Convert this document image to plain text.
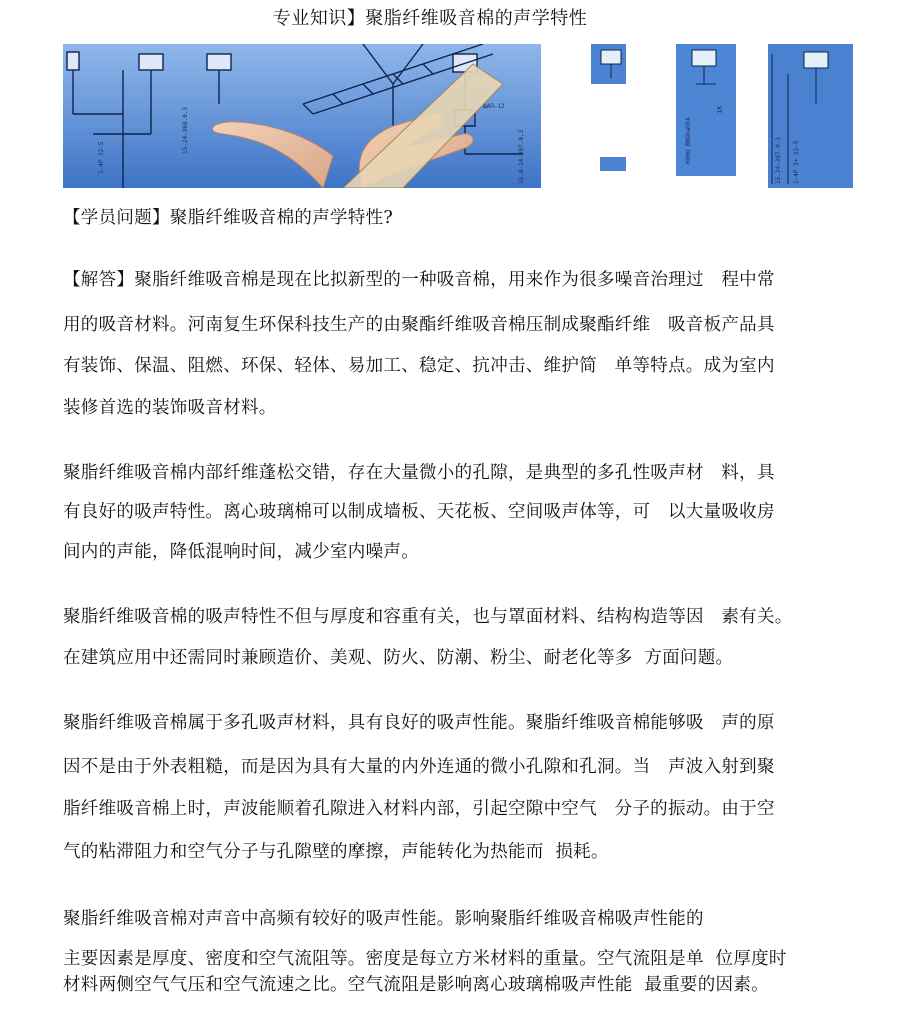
专业知识】聚脂纤维吸音棉的声学特性
ЩАП-12
15-24-368.0.3
1-4P 32-5	15.8-24-307.0.3	HOHQ BNOhahhk
1К
15.24-397.0.3 1-4P 3+ 32-5
【学员问题】聚脂纤维吸音棉的声学特性?
【解答】聚脂纤维吸音棉是现在比拟新型的一种吸音棉，用来作为很多噪音治理过   程中常
用的吸音材料。河南复生环保科技生产的由聚酯纤维吸音棉压制成聚酯纤维   吸音板产品具
有装饰、保温、阻燃、环保、轻体、易加工、稳定、抗冲击、维护简   单等特点。成为室内
装修首选的装饰吸音材料。
聚脂纤维吸音棉内部纤维蓬松交错，存在大量微小的孔隙，是典型的多孔性吸声材   料，具
有良好的吸声特性。离心玻璃棉可以制成墙板、天花板、空间吸声体等，可   以大量吸收房
间内的声能，降低混响时间，减少室内噪声。
聚脂纤维吸音棉的吸声特性不但与厚度和容重有关，也与罩面材料、结构构造等因   素有关。
在建筑应用中还需同时兼顾造价、美观、防火、防潮、粉尘、耐老化等多  方面问题。
聚脂纤维吸音棉属于多孔吸声材料，具有良好的吸声性能。聚脂纤维吸音棉能够吸   声的原
因不是由于外表粗糙，而是因为具有大量的内外连通的微小孔隙和孔洞。当   声波入射到聚
脂纤维吸音棉上时，声波能顺着孔隙进入材料内部，引起空隙中空气   分子的振动。由于空
气的粘滞阻力和空气分子与孔隙壁的摩擦，声能转化为热能而  损耗。
聚脂纤维吸音棉对声音中高频有较好的吸声性能。影响聚脂纤维吸音棉吸声性能的
主要因素是厚度、密度和空气流阻等。密度是每立方米材料的重量。空气流阻是单  位厚度时
材料两侧空气气压和空气流速之比。空气流阻是影响离心玻璃棉吸声性能  最重要的因素。
